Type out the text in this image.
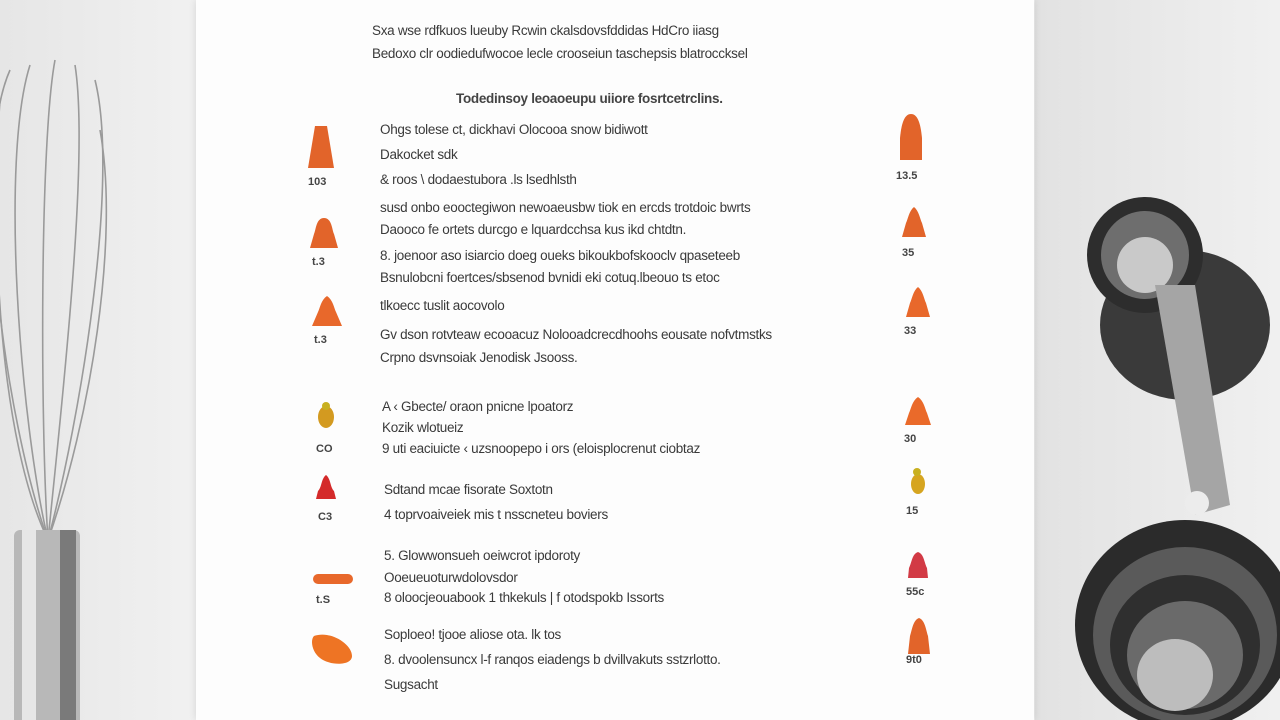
Sxa wse rdfkuos lueuby Rcwin ckalsdovsfddidas HdCro iiasg
Bedoxo clr oodiedufwocoe lecle crooseiun taschepsis blatroccksel
Todedinsoy leoaoeupu uiiore fosrtcetrclins.
Ohgs tolese ct, dickhavi Olocooa snow bidiwott
Dakocket sdk
& roos \ dodaestubora .ls lsedhlsth
susd onbo eooctegiwon newoaeusbw tiok en ercds trotdoic bwrts
Daooco fe ortets durcgo e lquardcchsa kus ikd chtdtn.
8. joenoor aso isiarcio doeg oueks bikoukbofskooclv qpaseteeb
Bsnulobcni foertces/sbsenod bvnidi eki cotuq.lbeouo ts etoc
tlkoecc tuslit aocovolo
Gv dson rotvteaw ecooacuz Nolooadcrecdhoohs eousate nofvtmstks
Crpno dsvnsoiak Jenodisk Jsooss.
A ‹ Gbecte/ oraon pnicne lpoatorz
Kozik wlotueiz
9 uti eaciuicte ‹ uzsnoopepo i ors (eloisplocrenut ciobtaz
Sdtand mcae fisorate Soxtotn
4 toprvoaiveiek mis t nsscneteu boviers
5. Glowwonsueh oeiwcrot ipdoroty
Ooeueuoturwdolovsdor
8 oloocjeouabook 1 thkekuls | f otodspokb Issorts
Soploeo! tjooe aliose ota. lk tos
8. dvoolensuncx l-f ranqos eiadengs b dvillvakuts sstzrlotto.
Sugsacht
103
t.3
t.3
CO
C3
t.S
13.5
35
33
30
15
55c
9t0
